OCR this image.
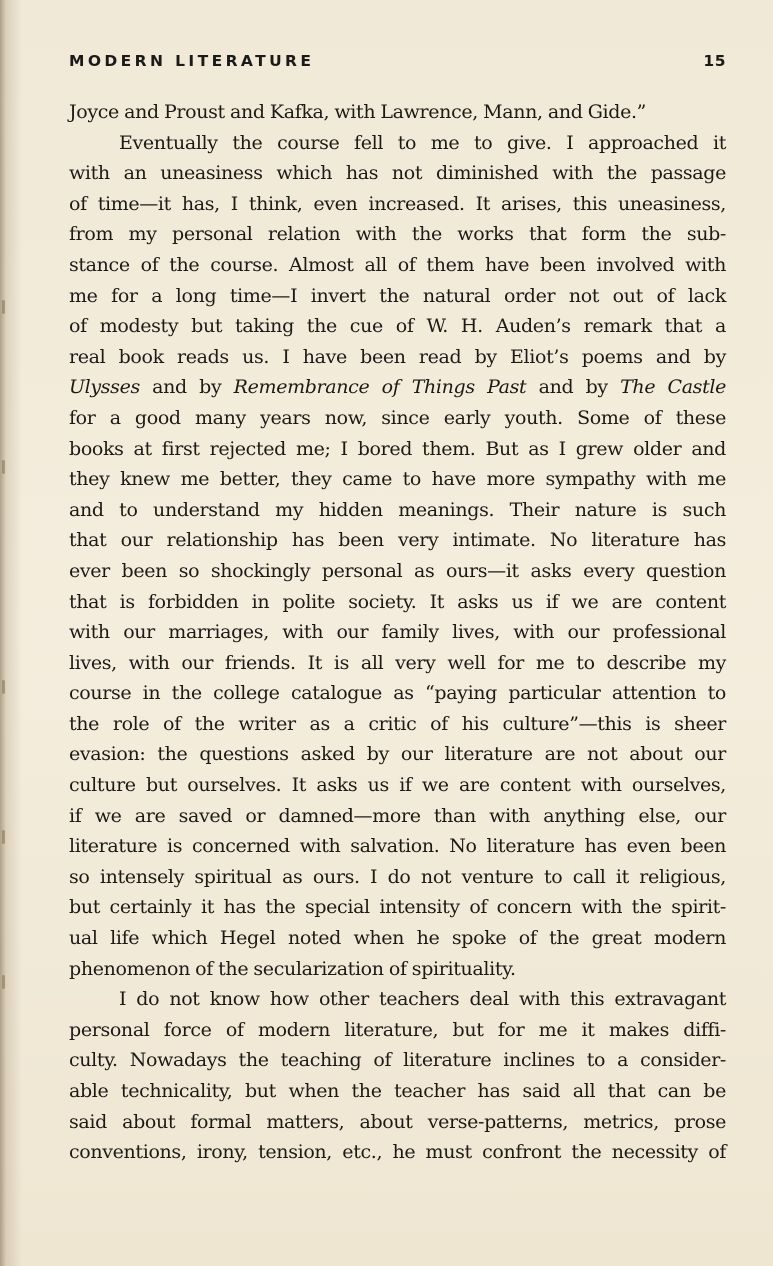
MODERN LITERATURE	15
Joyce and Proust and Kafka, with Lawrence, Mann, and Gide.”
Eventually the course fell to me to give. I approached it
with an uneasiness which has not diminished with the passage
of time—it has, I think, even increased. It arises, this uneasiness,
from my personal relation with the works that form the sub-
stance of the course. Almost all of them have been involved with
me for a long time—I invert the natural order not out of lack
of modesty but taking the cue of W. H. Auden’s remark that a
real book reads us. I have been read by Eliot’s poems and by
Ulysses and by Remembrance of Things Past and by The Castle
for a good many years now, since early youth. Some of these
books at first rejected me; I bored them. But as I grew older and
they knew me better, they came to have more sympathy with me
and to understand my hidden meanings. Their nature is such
that our relationship has been very intimate. No literature has
ever been so shockingly personal as ours—it asks every question
that is forbidden in polite society. It asks us if we are content
with our marriages, with our family lives, with our professional
lives, with our friends. It is all very well for me to describe my
course in the college catalogue as “paying particular attention to
the role of the writer as a critic of his culture”—this is sheer
evasion: the questions asked by our literature are not about our
culture but ourselves. It asks us if we are content with ourselves,
if we are saved or damned—more than with anything else, our
literature is concerned with salvation. No literature has even been
so intensely spiritual as ours. I do not venture to call it religious,
but certainly it has the special intensity of concern with the spirit-
ual life which Hegel noted when he spoke of the great modern
phenomenon of the secularization of spirituality.
I do not know how other teachers deal with this extravagant
personal force of modern literature, but for me it makes diffi-
culty. Nowadays the teaching of literature inclines to a consider-
able technicality, but when the teacher has said all that can be
said about formal matters, about verse-patterns, metrics, prose
conventions, irony, tension, etc., he must confront the necessity of
